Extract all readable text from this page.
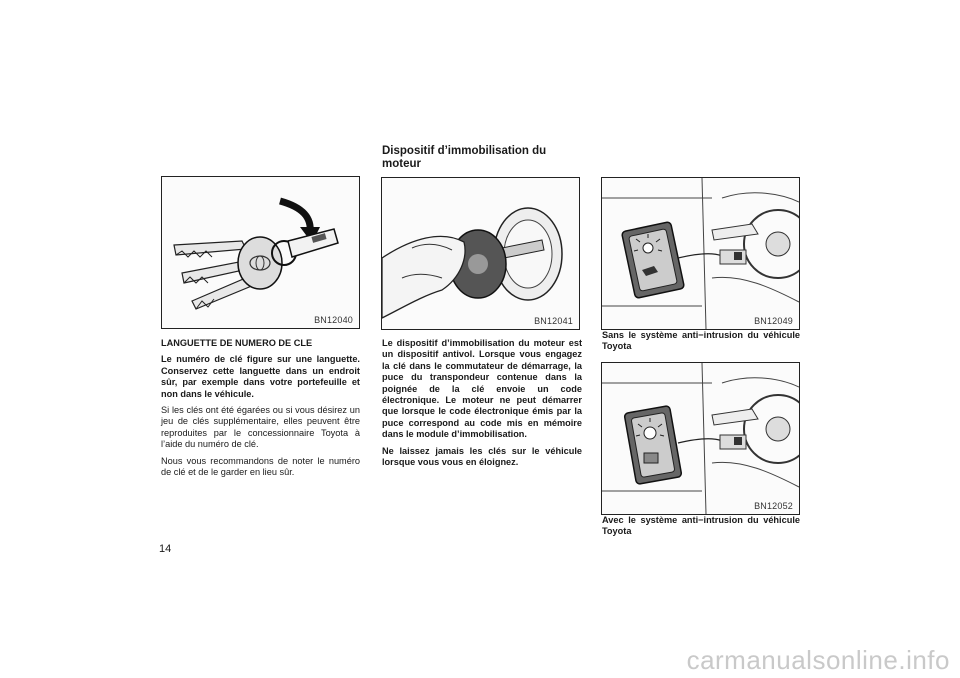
Dispositif d’immobilisation du moteur
BN12040	BN12041	BN12049
BN12052

LANGUETTE DE NUMERO DE CLE

Le numéro de clé figure sur une languette. Conservez cette languette dans un endroit sûr, par exemple dans votre portefeuille et non dans le véhicule.

Si les clés ont été égarées ou si vous désirez un jeu de clés supplémentaire, elles peuvent être reproduites par le concessionnaire Toyota à l’aide du numéro de clé.

Nous vous recommandons de noter le numéro de clé et de le garder en lieu sûr.

Le dispositif d’immobilisation du moteur est un dispositif antivol. Lorsque vous engagez la clé dans le commutateur de démarrage, la puce du transpondeur contenue dans la poignée de la clé envoie un code électronique. Le moteur ne peut démarrer que lorsque le code électronique émis par la puce correspond au code mis en mémoire dans le module d’immobilisation.

Ne laissez jamais les clés sur le véhicule lorsque vous vous en éloignez.

Sans le système anti−intrusion du véhicule Toyota
Avec le système anti−intrusion du véhicule Toyota
14
carmanualsonline.info
